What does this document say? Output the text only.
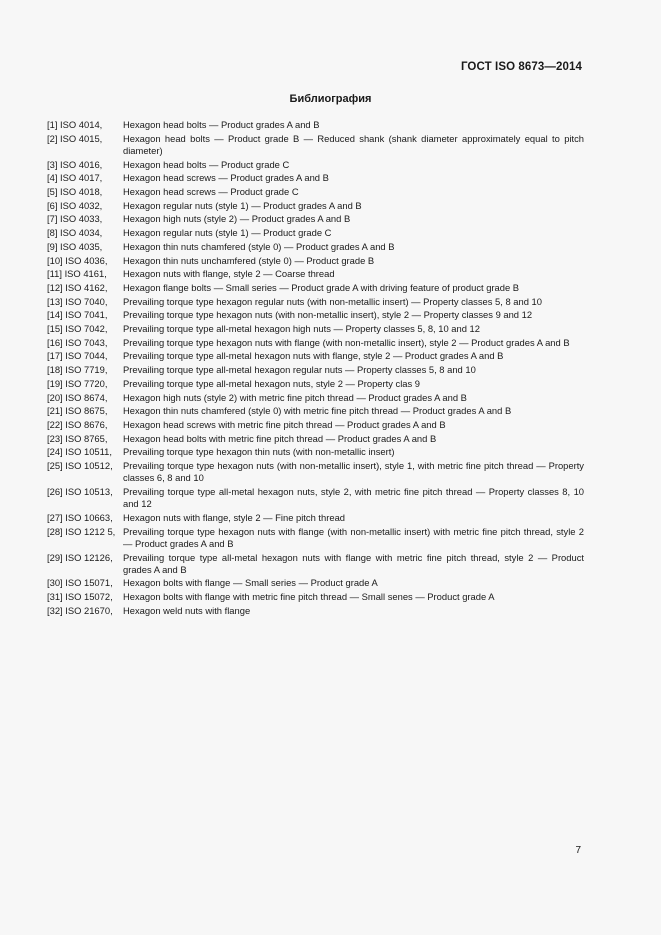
ГОСТ ISO 8673—2014
Библиография
[1] ISO 4014,	Hexagon head bolts — Product grades A and B
[2] ISO 4015,	Hexagon head bolts — Product grade B — Reduced shank (shank diameter approximately equal to pitch diameter)
[3] ISO 4016,	Hexagon head bolts — Product grade C
[4] ISO 4017,	Hexagon head screws — Product grades A and B
[5] ISO 4018,	Hexagon head screws — Product grade C
[6] ISO 4032,	Hexagon regular nuts (style 1) — Product grades A and B
[7] ISO 4033,	Hexagon high nuts (style 2) — Product grades A and B
[8] ISO 4034,	Hexagon regular nuts (style 1) — Product grade C
[9] ISO 4035,	Hexagon thin nuts chamfered (style 0) — Product grades A and B
[10] ISO 4036,	Hexagon thin nuts unchamfered (style 0) — Product grade B
[11] ISO 4161,	Hexagon nuts with flange, style 2 — Coarse thread
[12] ISO 4162,	Hexagon flange bolts — Small series — Product grade A with driving feature of product grade B
[13] ISO 7040,	Prevailing torque type hexagon regular nuts (with non-metallic insert) — Property classes 5, 8 and 10
[14] ISO 7041,	Prevailing torque type hexagon nuts (with non-metallic insert), style 2 — Property classes 9 and 12
[15] ISO 7042,	Prevailing torque type all-metal hexagon high nuts — Property classes 5, 8, 10 and 12
[16] ISO 7043,	Prevailing torque type hexagon nuts with flange (with non-metallic insert), style 2 — Product grades A and B
[17] ISO 7044,	Prevailing torque type all-metal hexagon nuts with flange, style 2 — Product grades A and B
[18] ISO 7719,	Prevailing torque type all-metal hexagon regular nuts — Property classes 5, 8 and 10
[19] ISO 7720,	Prevailing torque type all-metal hexagon nuts, style 2 — Property clas 9
[20] ISO 8674,	Hexagon high nuts (style 2) with metric fine pitch thread — Product grades A and B
[21] ISO 8675,	Hexagon thin nuts chamfered (style 0) with metric fine pitch thread — Product grades A and B
[22] ISO 8676,	Hexagon head screws with metric fine pitch thread — Product grades A and B
[23] ISO 8765,	Hexagon head bolts with metric fine pitch thread — Product grades A and B
[24] ISO 10511,	Prevailing torque type hexagon thin nuts (with non-metallic insert)
[25] ISO 10512,	Prevailing torque type hexagon nuts (with non-metallic insert), style 1, with metric fine pitch thread — Property classes 6, 8 and 10
[26] ISO 10513,	Prevailing torque type all-metal hexagon nuts, style 2, with metric fine pitch thread — Property classes 8, 10 and 12
[27] ISO 10663,	Hexagon nuts with flange, style 2 — Fine pitch thread
[28] ISO 1212 5, Prevailing torque type hexagon nuts with flange (with non-metallic insert) with metric fine pitch thread, style 2 — Product grades A and B
[29] ISO 12126,	Prevailing torque type all-metal hexagon nuts with flange with metric fine pitch thread, style 2 — Product grades A and B
[30] ISO 15071,	Hexagon bolts with flange — Small series — Product grade A
[31] ISO 15072,	Hexagon bolts with flange with metric fine pitch thread — Small senes — Product grade A
[32] ISO 21670,	Hexagon weld nuts with flange
7
